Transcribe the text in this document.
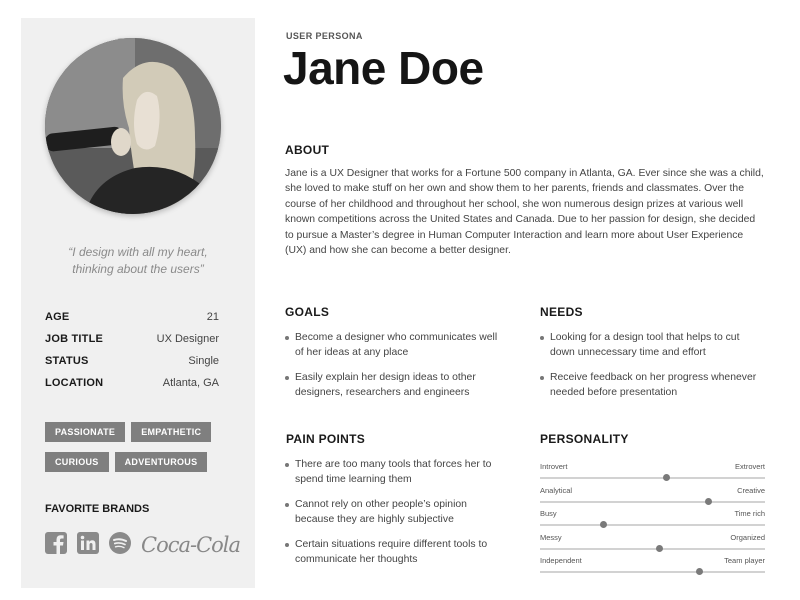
“I design with all my heart,
thinking about the users”
AGE	21
JOB TITLE	UX Designer
STATUS	Single
LOCATION	Atlanta, GA
PASSIONATE	EMPATHETIC
CURIOUS	ADVENTUROUS
FAVORITE BRANDS
Coca-Cola
USER PERSONA
Jane Doe
ABOUT
Jane is a UX Designer that works for a Fortune 500 company in Atlanta, GA. Ever since she was a child, she loved to make stuff on her own and show them to her parents, friends and classmates. Over the course of her childhood and throughout her school, she won numerous design prizes at various well known competitions across the United States and Canada. Due to her passion for design, she decided to pursue a Master’s degree in Human Computer Interaction and learn more about User Experience (UX) and how she can become a better designer.
GOALS
Become a designer who communicates well of her ideas at any place
Easily explain her design ideas to other designers, researchers and engineers
NEEDS
Looking for a design tool that helps to cut down unnecessary time and effort
Receive feedback on her progress whenever needed before presentation
PAIN POINTS
There are too many tools that forces her to spend time learning them
Cannot rely on other people’s opinion because they are highly subjective
Certain situations require different tools to communicate her thoughts
PERSONALITY
Introvert	Extrovert
Analytical	Creative
Busy	Time rich
Messy	Organized
Independent	Team player
